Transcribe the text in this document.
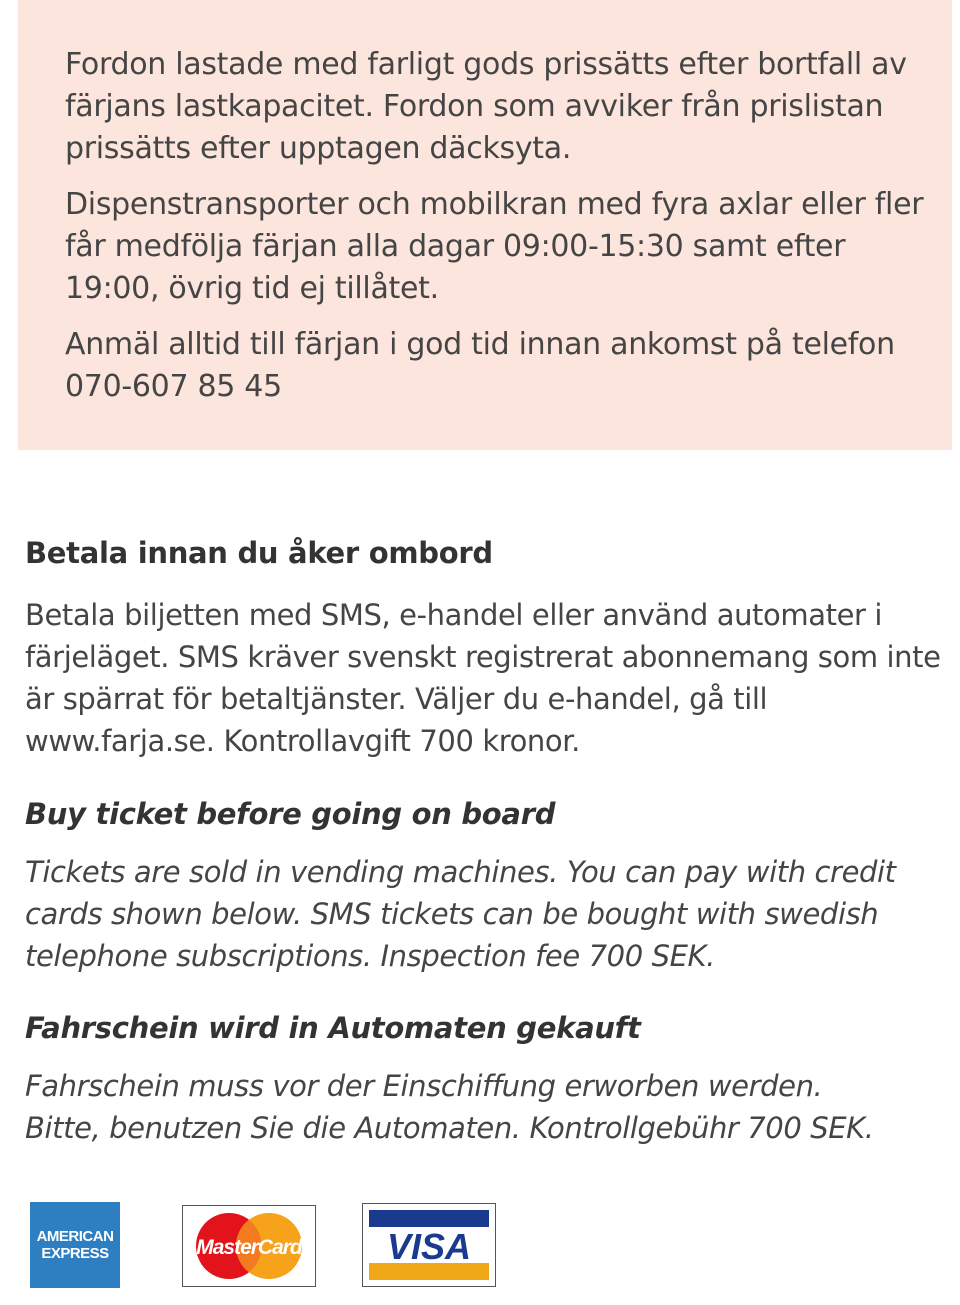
Fordon lastade med farligt gods prissätts efter bortfall av färjans lastkapacitet. Fordon som avviker från prislistan prissätts efter upptagen däcksyta.

Dispenstransporter och mobilkran med fyra axlar eller fler får medfölja färjan alla dagar 09:00-15:30 samt efter 19:00, övrig tid ej tillåtet.

Anmäl alltid till färjan i god tid innan ankomst på telefon 070-607 85 45

Betala innan du åker ombord

Betala biljetten med SMS, e-handel eller använd automater i färjeläget. SMS kräver svenskt registrerat abonnemang som inte är spärrat för betaltjänster. Väljer du e-handel, gå till www.farja.se. Kontrollavgift 700 kronor.

Buy ticket before going on board

Tickets are sold in vending machines. You can pay with credit cards shown below. SMS tickets can be bought with swedish telephone subscriptions. Inspection fee 700 SEK.

Fahrschein wird in Automaten gekauft

Fahrschein muss vor der Einschiffung erworben werden.

Bitte, benutzen Sie die Automaten. Kontrollgebühr 700 SEK.

AMERICAN
EXPRESS	MasterCard VISA
